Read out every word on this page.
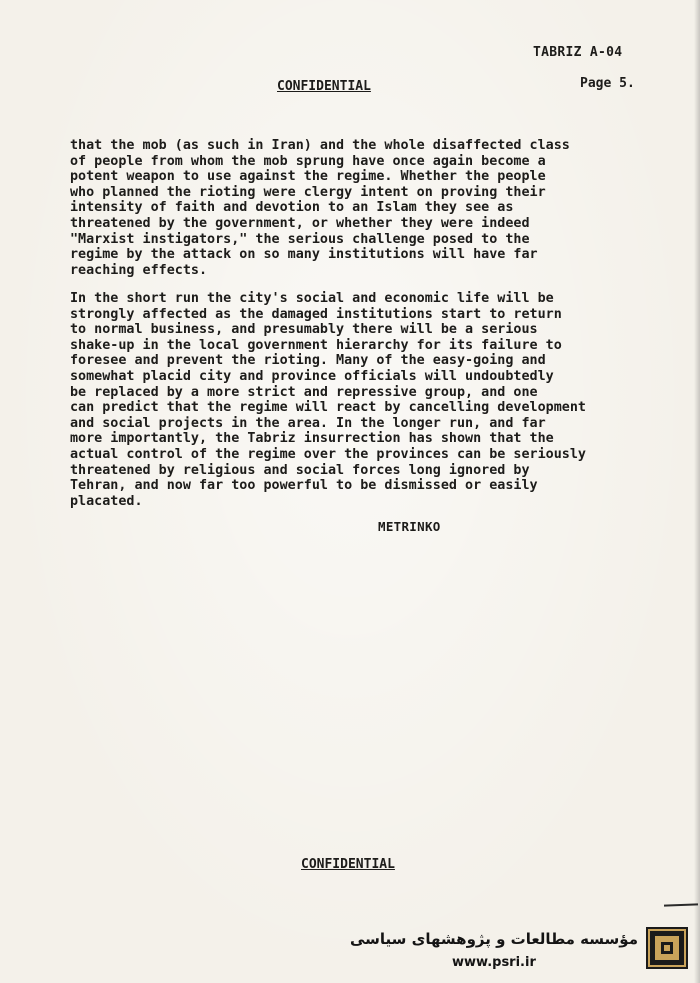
TABRIZ A-04
CONFIDENTIAL	Page 5.
that the mob (as such in Iran) and the whole disaffected class
of people from whom the mob sprung have once again become a
potent weapon to use against the regime. Whether the people
who planned the rioting were clergy intent on proving their
intensity of faith and devotion to an Islam they see as
threatened by the government, or whether they were indeed
"Marxist instigators," the serious challenge posed to the
regime by the attack on so many institutions will have far
reaching effects.
In the short run the city's social and economic life will be
strongly affected as the damaged institutions start to return
to normal business, and presumably there will be a serious
shake-up in the local government hierarchy for its failure to
foresee and prevent the rioting. Many of the easy-going and
somewhat placid city and province officials will undoubtedly
be replaced by a more strict and repressive group, and one
can predict that the regime will react by cancelling development
and social projects in the area. In the longer run, and far
more importantly, the Tabriz insurrection has shown that the
actual control of the regime over the provinces can be seriously
threatened by religious and social forces long ignored by
Tehran, and now far too powerful to be dismissed or easily
placated.
METRINKO
CONFIDENTIAL
مؤسسه مطالعات و پژوهشهای سیاسی
www.psri.ir
